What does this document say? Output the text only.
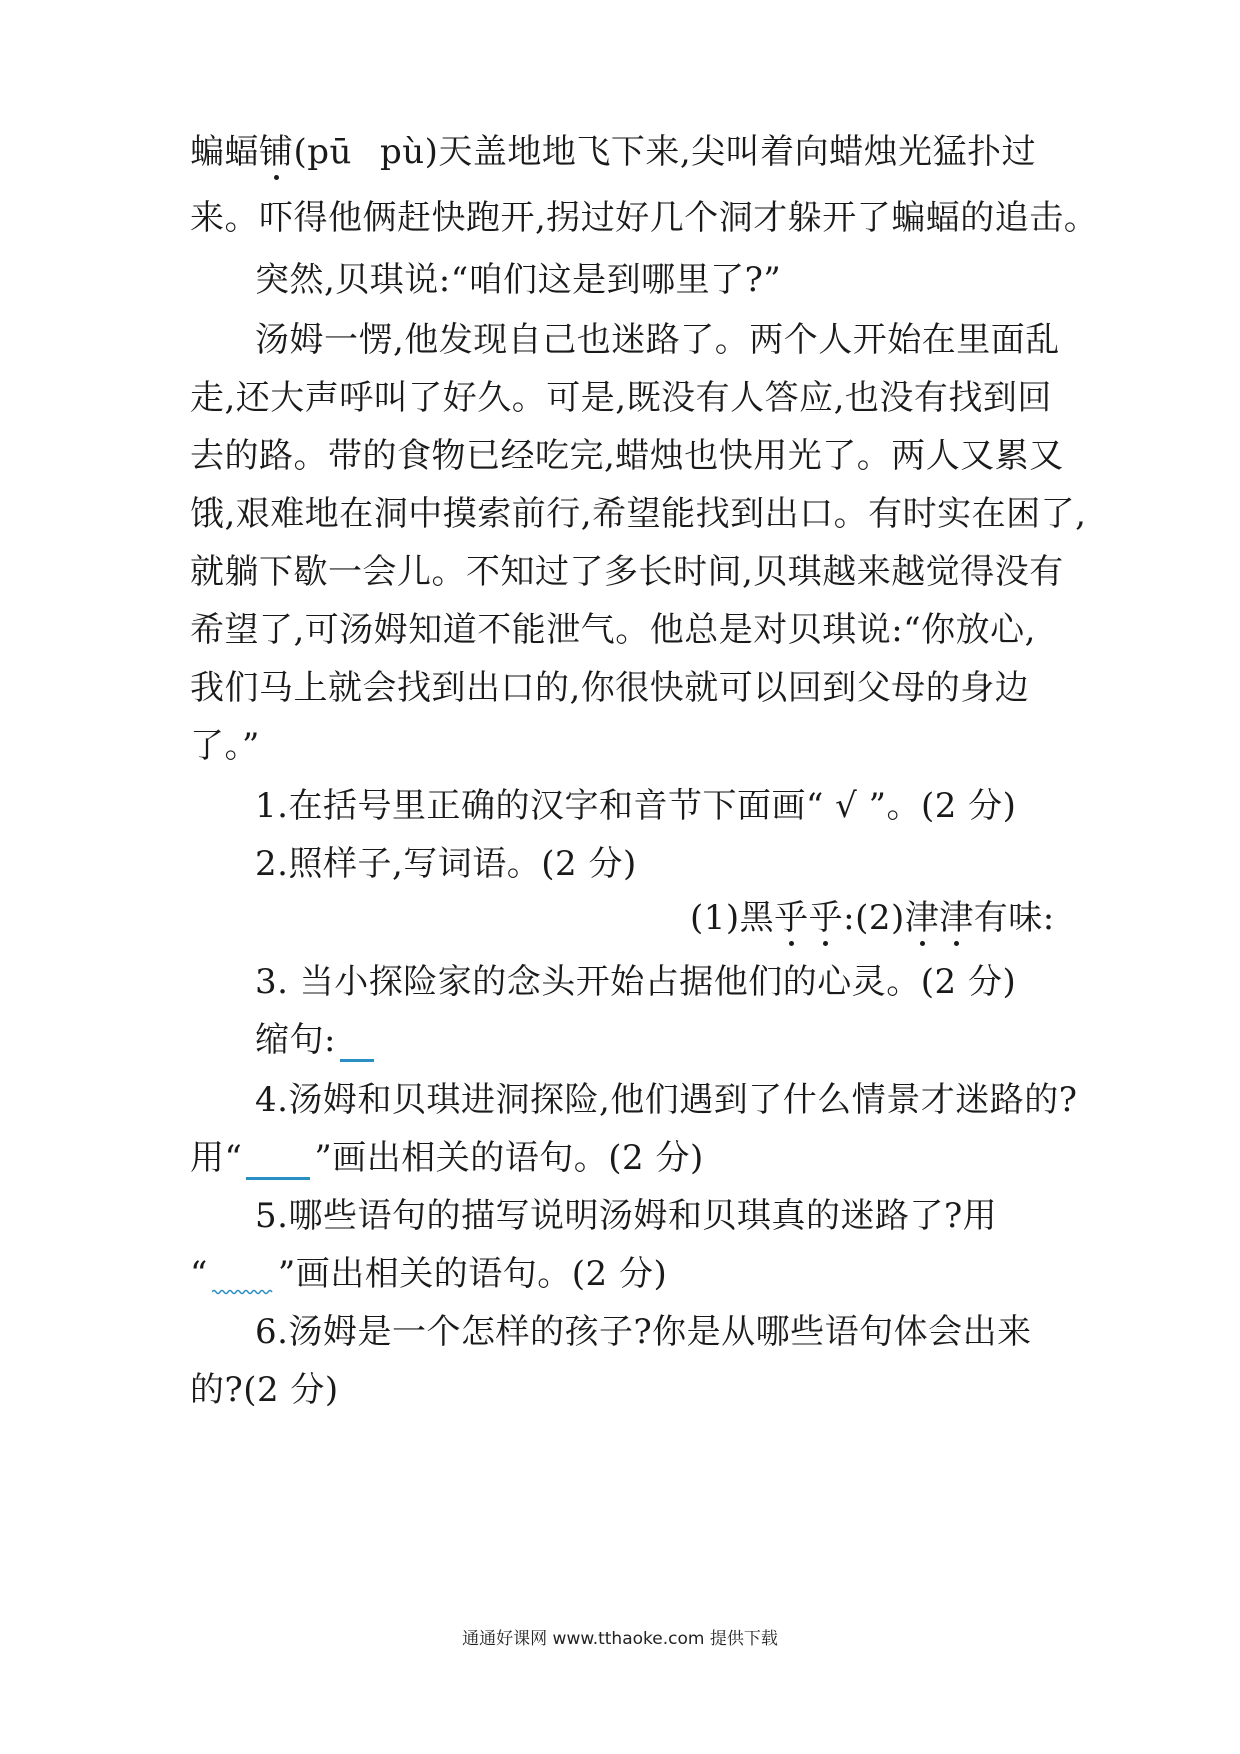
蝙蝠铺(pū pù)天盖地地飞下来,尖叫着向蜡烛光猛扑过
来。吓得他俩赶快跑开,拐过好几个洞才躲开了蝙蝠的追击。
突然,贝琪说:“咱们这是到哪里了?”
汤姆一愣,他发现自己也迷路了。两个人开始在里面乱
走,还大声呼叫了好久。可是,既没有人答应,也没有找到回
去的路。带的食物已经吃完,蜡烛也快用光了。两人又累又
饿,艰难地在洞中摸索前行,希望能找到出口。有时实在困了,
就躺下歇一会儿。不知过了多长时间,贝琪越来越觉得没有
希望了,可汤姆知道不能泄气。他总是对贝琪说:“你放心,
我们马上就会找到出口的,你很快就可以回到父母的身边
了。”
1.在括号里正确的汉字和音节下面画“ √ ”。(2 分)
2.照样子,写词语。(2 分)
(1)黑乎乎:(2)津津有味:
3. 当小探险家的念头开始占据他们的心灵。(2 分)
缩句:
4.汤姆和贝琪进洞探险,他们遇到了什么情景才迷路的?
用“ ”画出相关的语句。(2 分)
5.哪些语句的描写说明汤姆和贝琪真的迷路了?用
“ ”画出相关的语句。(2 分)
6.汤姆是一个怎样的孩子?你是从哪些语句体会出来
的?(2 分)
通通好课网 www.tthaoke.com 提供下载
